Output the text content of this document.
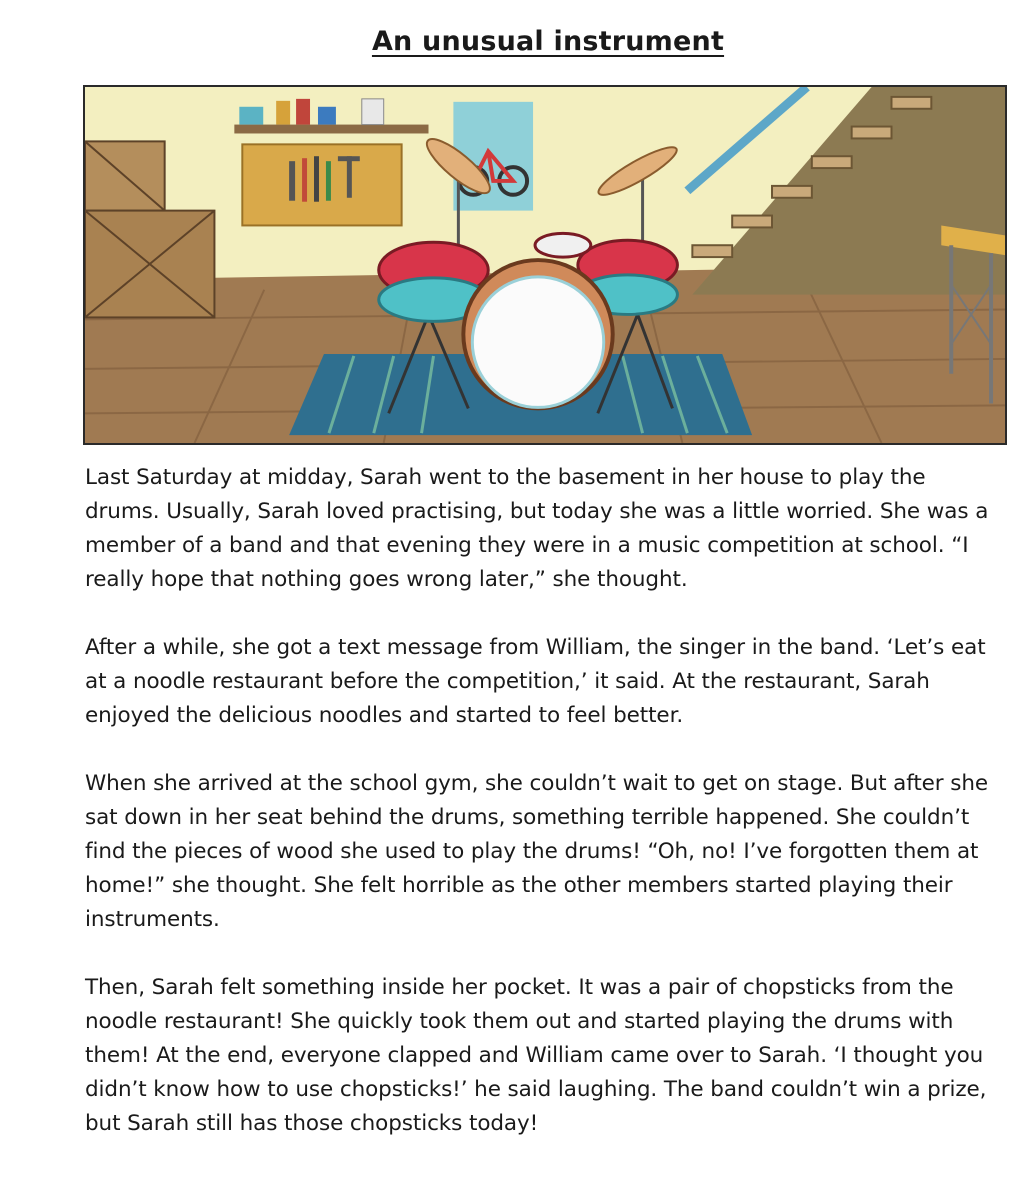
An unusual instrument

Last Saturday at midday, Sarah went to the basement in her house to play the drums. Usually, Sarah loved practising, but today she was a little worried. She was a member of a band and that evening they were in a music competition at school. “I really hope that nothing goes wrong later,” she thought.

After a while, she got a text message from William, the singer in the band. ‘Let’s eat at a noodle restaurant before the competition,’ it said. At the restaurant, Sarah enjoyed the delicious noodles and started to feel better.

When she arrived at the school gym, she couldn’t wait to get on stage. But after she sat down in her seat behind the drums, something terrible happened. She couldn’t find the pieces of wood she used to play the drums! “Oh, no! I’ve forgotten them at home!” she thought. She felt horrible as the other members started playing their instruments.

Then, Sarah felt something inside her pocket. It was a pair of chopsticks from the noodle restaurant! She quickly took them out and started playing the drums with them! At the end, everyone clapped and William came over to Sarah. ‘I thought you didn’t know how to use chopsticks!’ he said laughing. The band couldn’t win a prize, but Sarah still has those chopsticks today!
